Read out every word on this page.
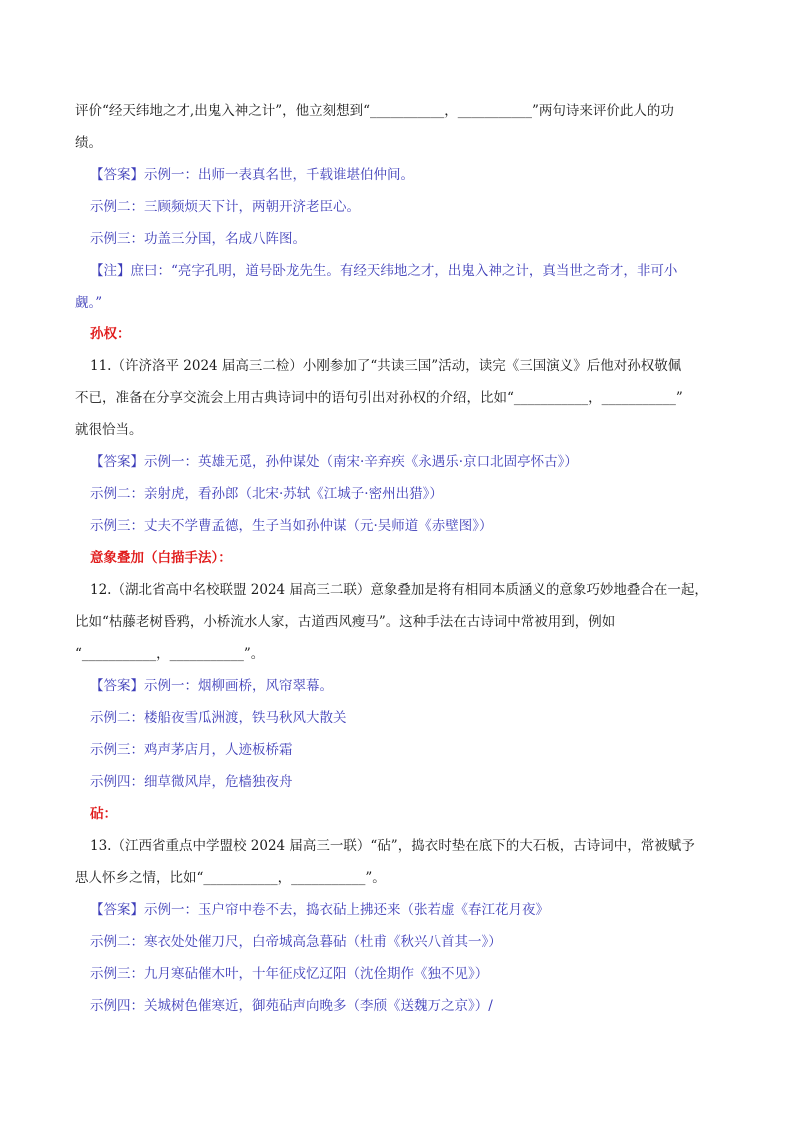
评价“经天纬地之才,出鬼入神之计”，他立刻想到“___________，___________”两句诗来评价此人的功
绩。
【答案】示例一：出师一表真名世，千载谁堪伯仲间。
示例二：三顾频烦天下计，两朝开济老臣心。
示例三：功盖三分国，名成八阵图。
【注】庶曰：“亮字孔明，道号卧龙先生。有经天纬地之才，出鬼入神之计，真当世之奇才，非可小
觑。”
孙权：
11.（许济洛平 2024 届高三二检）小刚参加了“共读三国”活动，读完《三国演义》后他对孙权敬佩
不已，准备在分享交流会上用古典诗词中的语句引出对孙权的介绍，比如“___________，___________”
就很恰当。
【答案】示例一：英雄无觅，孙仲谋处（南宋·辛弃疾《永遇乐·京口北固亭怀古》）
示例二：亲射虎，看孙郎（北宋·苏轼《江城子·密州出猎》）
示例三：丈夫不学曹孟德，生子当如孙仲谋（元·吴师道《赤壁图》）
意象叠加（白描手法）：
12.（湖北省高中名校联盟 2024 届高三二联）意象叠加是将有相同本质涵义的意象巧妙地叠合在一起，
比如“枯藤老树昏鸦，小桥流水人家，古道西风瘦马”。这种手法在古诗词中常被用到，例如
“___________，___________”。
【答案】示例一：烟柳画桥，风帘翠幕。
示例二：楼船夜雪瓜洲渡，铁马秋风大散关
示例三：鸡声茅店月，人迹板桥霜
示例四：细草微风岸，危樯独夜舟
砧：
13.（江西省重点中学盟校 2024 届高三一联）“砧”，捣衣时垫在底下的大石板，古诗词中，常被赋予
思人怀乡之情，比如“___________，___________”。
【答案】示例一：玉户帘中卷不去，捣衣砧上拂还来（张若虚《春江花月夜》
示例二：寒衣处处催刀尺，白帝城高急暮砧（杜甫《秋兴八首其一》）
示例三：九月寒砧催木叶，十年征戍忆辽阳（沈佺期作《独不见》）
示例四：关城树色催寒近，御苑砧声向晚多（李颀《送魏万之京》）/
